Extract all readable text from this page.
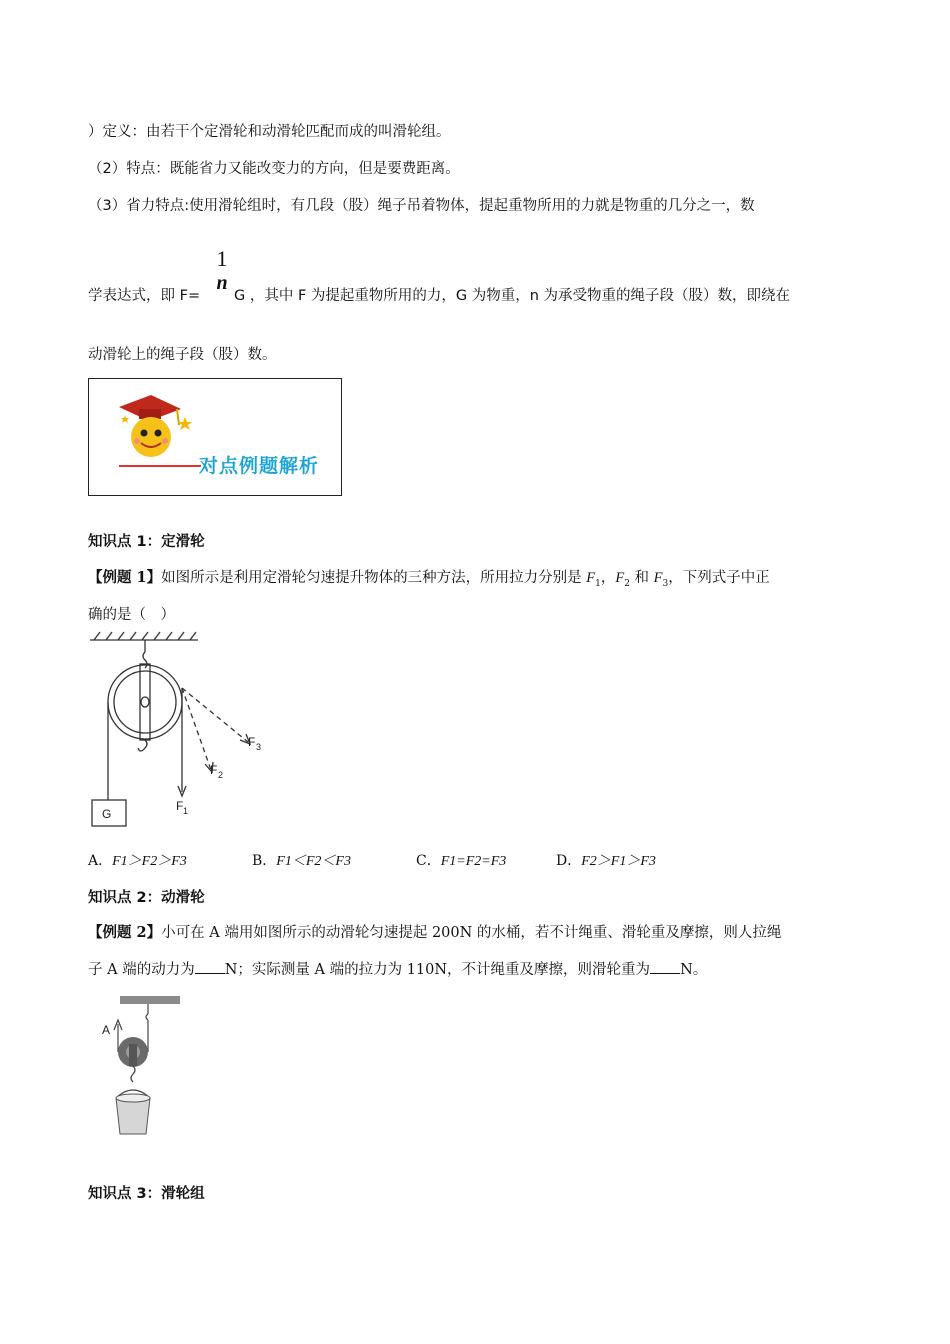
）定义：由若干个定滑轮和动滑轮匹配而成的叫滑轮组。
（2）特点：既能省力又能改变力的方向，但是要费距离。
（3）省力特点:使用滑轮组时，有几段（股）绳子吊着物体，提起重物所用的力就是物重的几分之一，数
1
n
学表达式，即 F= G ，其中 F 为提起重物所用的力，G 为物重，n 为承受物重的绳子段（股）数，即绕在
动滑轮上的绳子段（股）数。
对点例题解析
知识点 1：定滑轮
【例题 1】如图所示是利用定滑轮匀速提升物体的三种方法，所用拉力分别是 $F_1$，$F_2$ 和 $F_3$，下列式子中正
确的是（　）
G
F 1
F 2
F 3
A．F1＞F2＞F3	B．F1＜F2＜F3	C．F1=F2=F3	D．F2＞F1＞F3
知识点 2：动滑轮
【例题 2】小可在 A 端用如图所示的动滑轮匀速提起 200N 的水桶，若不计绳重、滑轮重及摩擦，则人拉绳
子 A 端的动力为 N；实际测量 A 端的拉力为 110N，不计绳重及摩擦，则滑轮重为 N。
A
知识点 3：滑轮组
